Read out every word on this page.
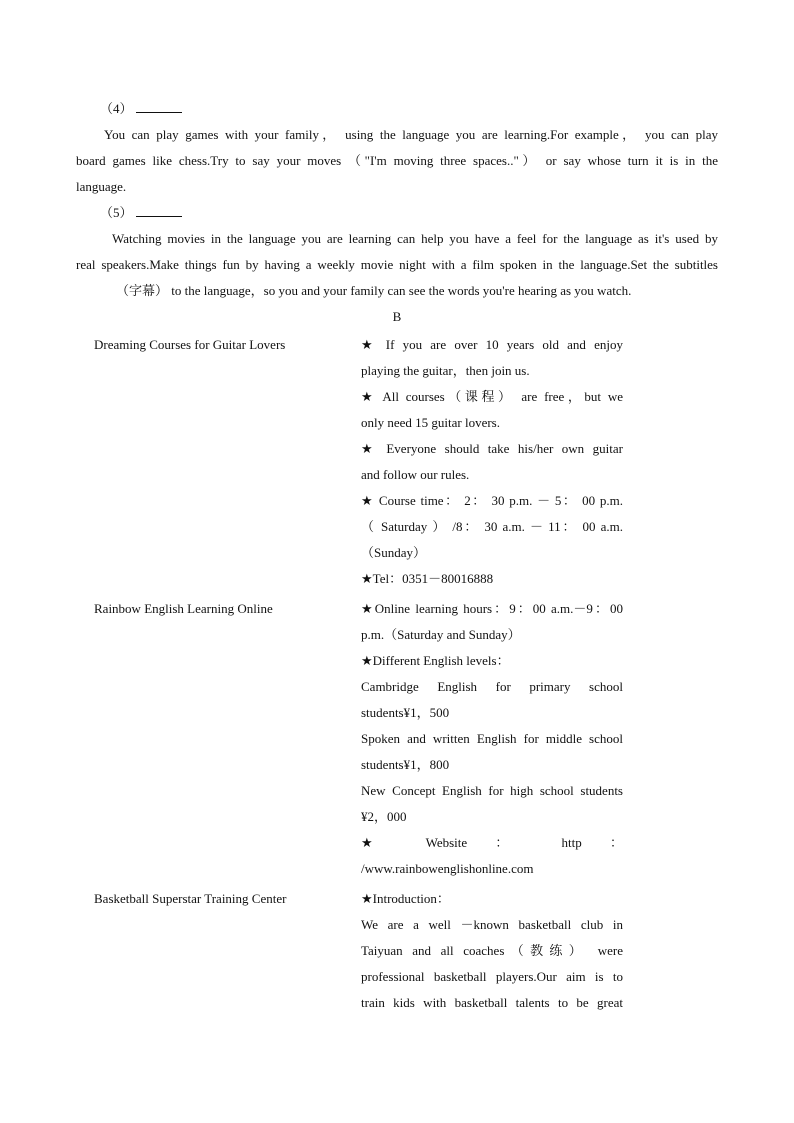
（4）
You can play games with your family， using the language you are learning.For example， you can play
board games like chess.Try to say your moves （"I'm moving three spaces.."） or say whose turn it is in the
language.
（5）
Watching movies in the language you are learning can help you have a feel for the language as it's used by
real speakers.Make things fun by having a weekly movie night with a film spoken in the language.Set the subtitles
（字幕） to the language，so you and your family can see the words you're hearing as you watch.
B
Dreaming Courses for Guitar Lovers	★ If you are over 10 years old and enjoy
playing the guitar，then join us.
★ All courses（课程） are free，but we
only need 15 guitar lovers.
★ Everyone should take his/her own guitar
and follow our rules.
★ Course time： 2： 30 p.m. － 5： 00 p.m.
（ Saturday ） /8： 30 a.m. － 11： 00 a.m.
（Sunday）
★Tel：0351－80016888
Rainbow English Learning Online	★Online learning hours：9：00 a.m.－9：00
p.m.（Saturday and Sunday）
★Different English levels：
Cambridge English for primary school
students¥1，500
Spoken and written English for middle school
students¥1，800
New Concept English for high school students
¥2，000
★ Website ： http ：
/www.rainbowenglishonline.com
Basketball Superstar Training Center	★Introduction：
We are a well －known basketball club in
Taiyuan and all coaches（教练） were
professional basketball players.Our aim is to
train kids with basketball talents to be great
